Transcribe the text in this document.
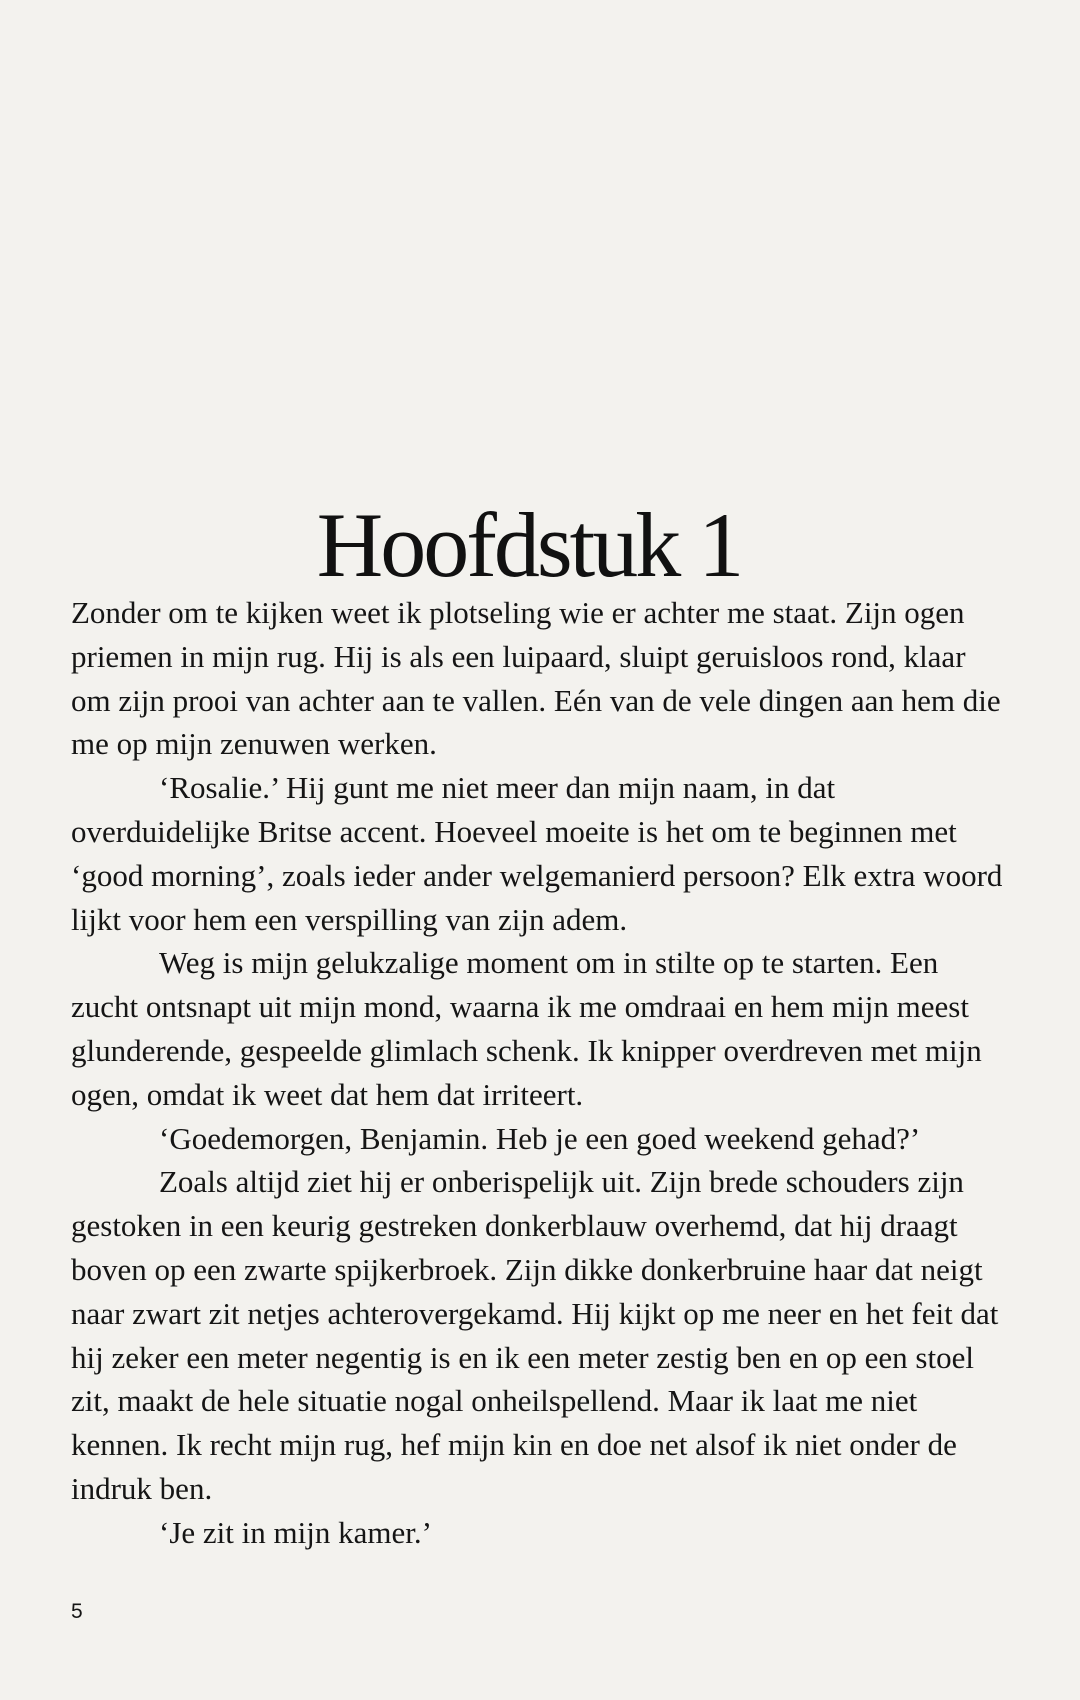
Hoofdstuk 1

Zonder om te kijken weet ik plotseling wie er achter me staat. Zijn ogen priemen in mijn rug. Hij is als een luipaard, sluipt geruisloos rond, klaar om zijn prooi van achter aan te vallen. Eén van de vele dingen aan hem die me op mijn zenuwen werken.

‘Rosalie.’ Hij gunt me niet meer dan mijn naam, in dat overduidelijke Britse accent. Hoeveel moeite is het om te beginnen met ‘good morning’, zoals ieder ander welgemanierd persoon? Elk extra woord lijkt voor hem een verspilling van zijn adem.

Weg is mijn gelukzalige moment om in stilte op te starten. Een zucht ontsnapt uit mijn mond, waarna ik me omdraai en hem mijn meest glunderende, gespeelde glimlach schenk. Ik knipper overdreven met mijn ogen, omdat ik weet dat hem dat irriteert.

‘Goedemorgen, Benjamin. Heb je een goed weekend gehad?’

Zoals altijd ziet hij er onberispelijk uit. Zijn brede schouders zijn gestoken in een keurig gestreken donkerblauw overhemd, dat hij draagt boven op een zwarte spijkerbroek. Zijn dikke donkerbruine haar dat neigt naar zwart zit netjes achterovergekamd. Hij kijkt op me neer en het feit dat hij zeker een meter negentig is en ik een meter zestig ben en op een stoel zit, maakt de hele situatie nogal onheilspellend. Maar ik laat me niet kennen. Ik recht mijn rug, hef mijn kin en doe net alsof ik niet onder de indruk ben.

‘Je zit in mijn kamer.’

5
